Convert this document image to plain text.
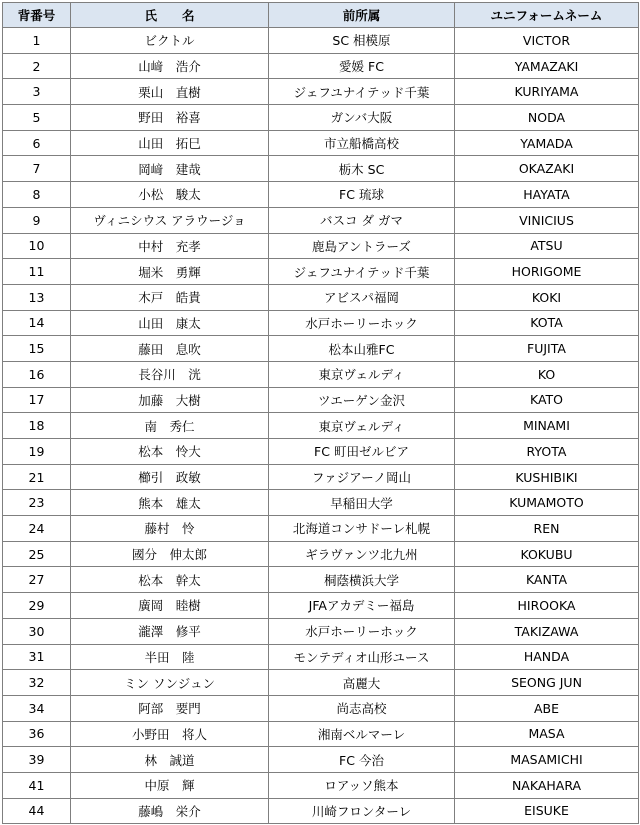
背番号	氏　　名	前所属	ユニフォームネーム
1	ビクトル	SC 相模原	VICTOR
2	山﨑　浩介	愛媛 FC	YAMAZAKI
3	栗山　直樹	ジェフユナイテッド千葉	KURIYAMA
5	野田　裕喜	ガンバ大阪	NODA
6	山田　拓巳	市立船橋高校	YAMADA
7	岡﨑　建哉	栃木 SC	OKAZAKI
8	小松　駿太	FC 琉球	HAYATA
9	ヴィニシウス アラウージョ	バスコ ダ ガマ	VINICIUS
10	中村　充孝	鹿島アントラーズ	ATSU
11	堀米　勇輝	ジェフユナイテッド千葉	HORIGOME
13	木戸　皓貴	アビスパ福岡	KOKI
14	山田　康太	水戸ホーリーホック	KOTA
15	藤田　息吹	松本山雅FC	FUJITA
16	長谷川　洸	東京ヴェルディ	KO
17	加藤　大樹	ツエーゲン金沢	KATO
18	南　秀仁	東京ヴェルディ	MINAMI
19	松本　怜大	FC 町田ゼルビア	RYOTA
21	櫛引　政敏	ファジアーノ岡山	KUSHIBIKI
23	熊本　雄太	早稲田大学	KUMAMOTO
24	藤村　怜	北海道コンサドーレ札幌	REN
25	國分　伸太郎	ギラヴァンツ北九州	KOKUBU
27	松本　幹太	桐蔭横浜大学	KANTA
29	廣岡　睦樹	JFAアカデミー福島	HIROOKA
30	瀧澤　修平	水戸ホーリーホック	TAKIZAWA
31	半田　陸	モンテディオ山形ユース	HANDA
32	ミン ソンジュン	高麗大	SEONG JUN
34	阿部　要門	尚志高校	ABE
36	小野田　将人	湘南ベルマーレ	MASA
39	林　誠道	FC 今治	MASAMICHI
41	中原　輝	ロアッソ熊本	NAKAHARA
44	藤嶋　栄介	川崎フロンターレ	EISUKE
